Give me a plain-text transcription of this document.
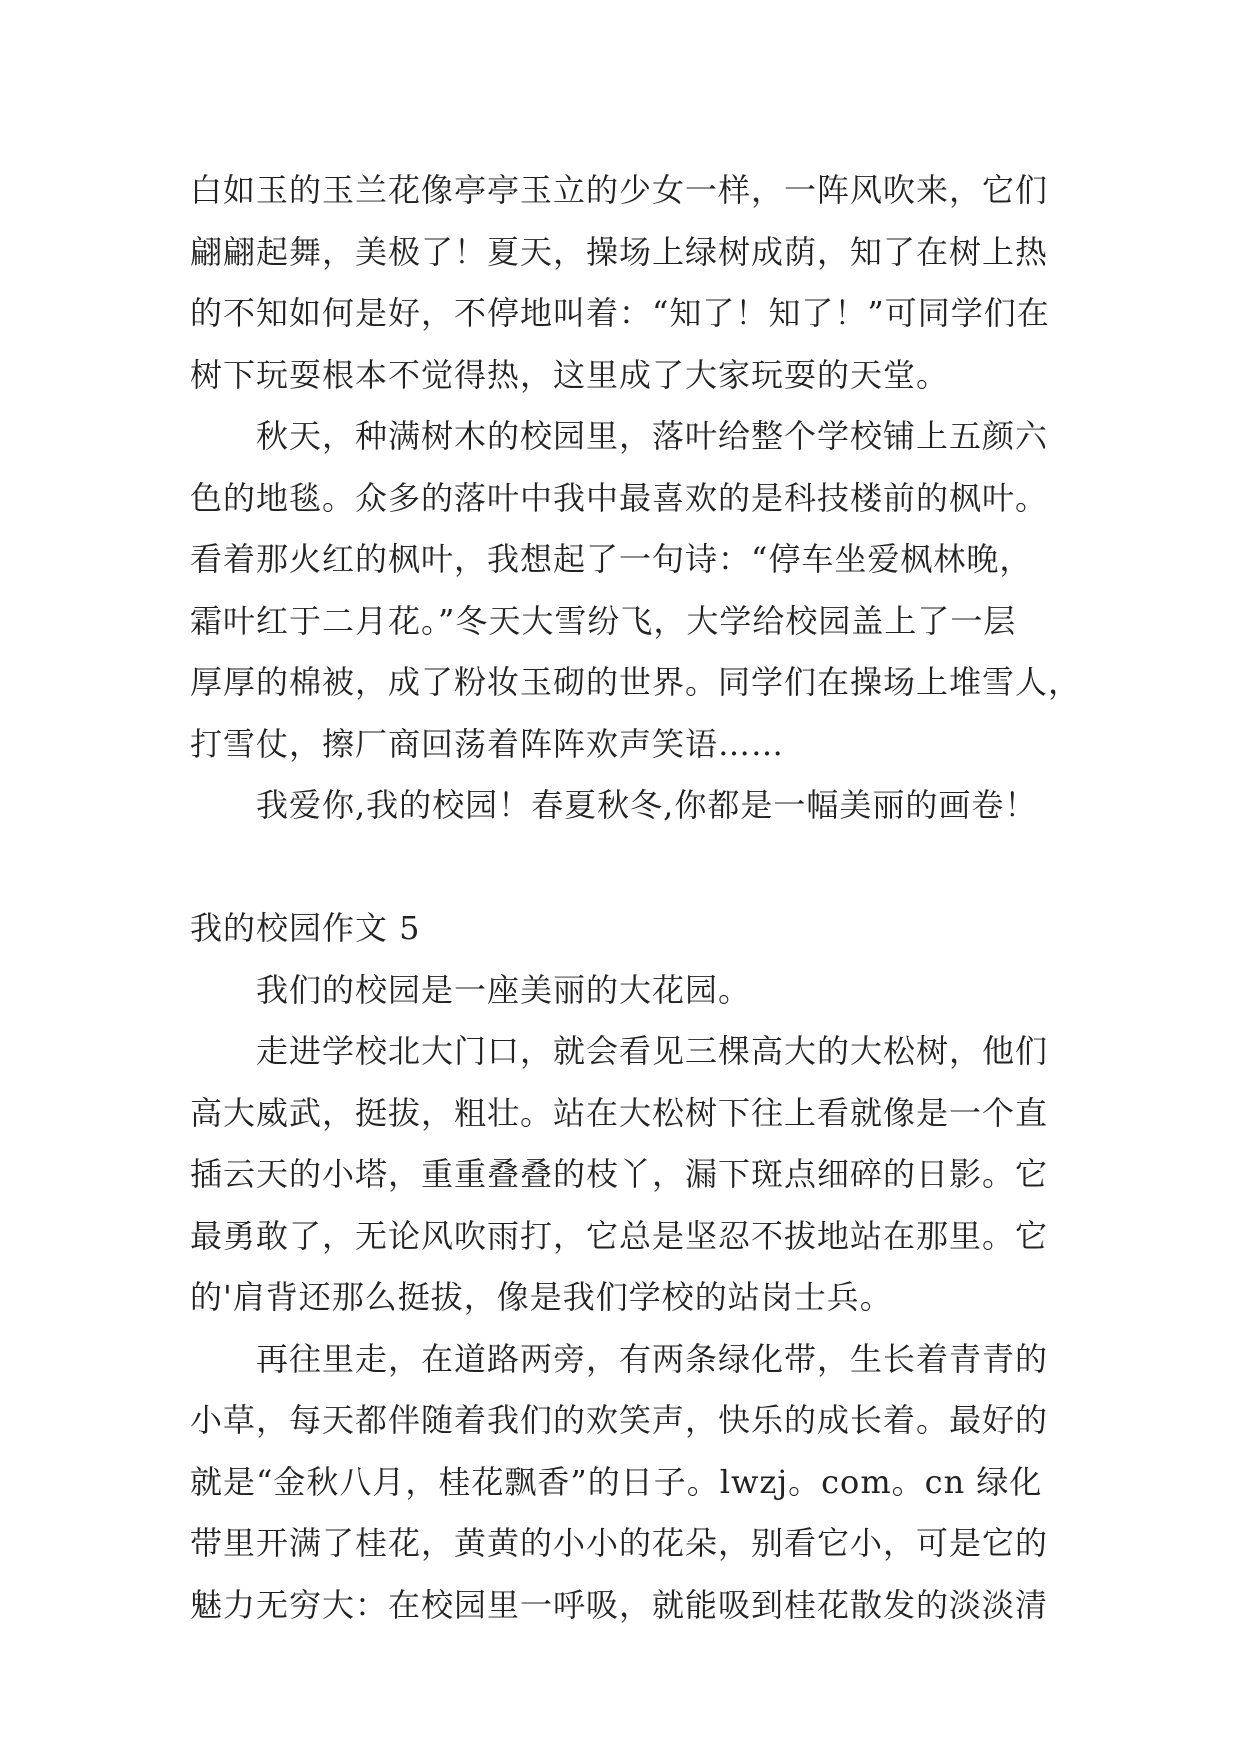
白如玉的玉兰花像亭亭玉立的少女一样，一阵风吹来，它们
翩翩起舞，美极了！夏天，操场上绿树成荫，知了在树上热
的不知如何是好，不停地叫着：“知了！知了！”可同学们在
树下玩耍根本不觉得热，这里成了大家玩耍的天堂。
秋天，种满树木的校园里，落叶给整个学校铺上五颜六
色的地毯。众多的落叶中我中最喜欢的是科技楼前的枫叶。
看着那火红的枫叶，我想起了一句诗：“停车坐爱枫林晚，
霜叶红于二月花。”冬天大雪纷飞，大学给校园盖上了一层
厚厚的棉被，成了粉妆玉砌的世界。同学们在操场上堆雪人，
打雪仗，擦厂商回荡着阵阵欢声笑语……
我爱你,我的校园！春夏秋冬,你都是一幅美丽的画卷！
我的校园作文 5
我们的校园是一座美丽的大花园。
走进学校北大门口，就会看见三棵高大的大松树，他们
高大威武，挺拔，粗壮。站在大松树下往上看就像是一个直
插云天的小塔，重重叠叠的枝丫，漏下斑点细碎的日影。它
最勇敢了，无论风吹雨打，它总是坚忍不拔地站在那里。它
的'肩背还那么挺拔，像是我们学校的站岗士兵。
再往里走，在道路两旁，有两条绿化带，生长着青青的
小草，每天都伴随着我们的欢笑声，快乐的成长着。最好的
就是“金秋八月，桂花飘香”的日子。lwzj。com。cn 绿化
带里开满了桂花，黄黄的小小的花朵，别看它小，可是它的
魅力无穷大：在校园里一呼吸，就能吸到桂花散发的淡淡清
